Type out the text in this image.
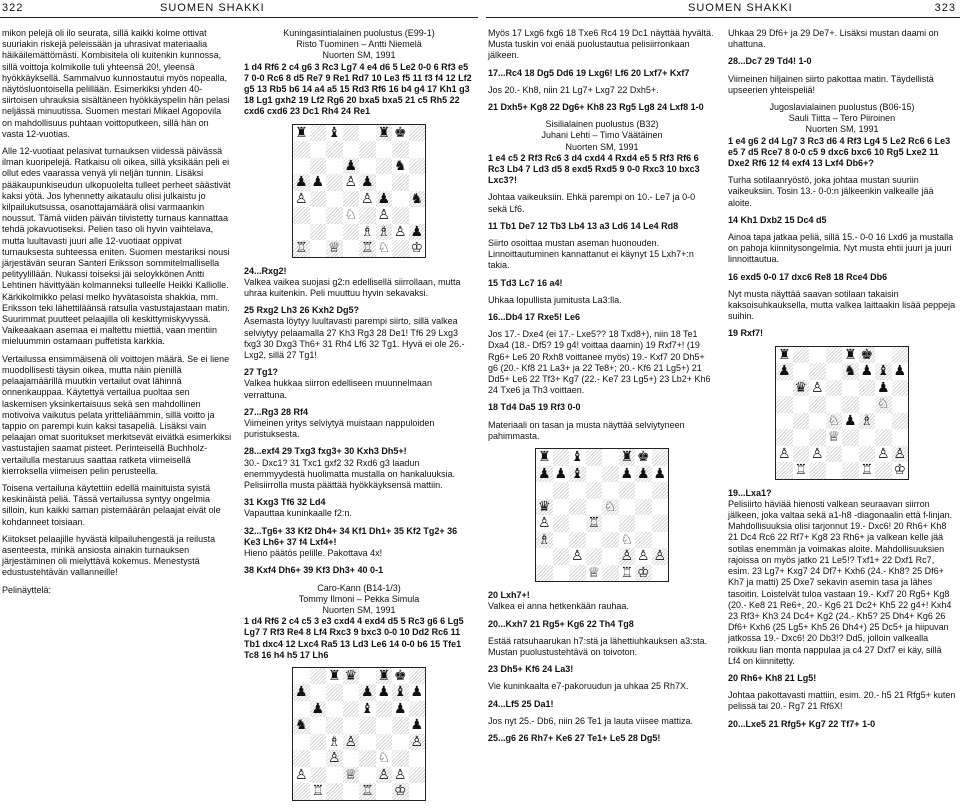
322	SUOMEN SHAKKI	SUOMEN SHAKKI	323

mikon pelejä oli ilo seurata, sillä kaikki kolme ottivat suuriakin riskejä peleissään ja uhrasivat materiaalia häikäilemättömästi. Kombisitela oli kuitenkin kunnossa, sillä voittoja kolmikolle tuli yhteensä 20!, yleensä hyökkäyksellä. Sammalvuo kunnostautui myös nopealla, näytösluontoisella pelillään. Esimerkiksi yhden 40-siirtoisen uhrauksia sisältäneen hyökkäyspelin hän pelasi neljässä minuutissa. Suomen mestari Mikael Agopovila on mahdollisuus puhtaan voittoputkeen, sillä hän on vasta 12-vuotias.

Alle 12-vuotiaat pelasivat turnauksen viidessä päivässä ilman kuoripelejä. Ratkaisu oli oikea, sillä yksikään peli ei ollut edes vaarassa venyä yli neljän tunnin. Lisäksi pääkaupunkiseudun ulkopuolelta tulleet perheet säästivät kaksi yötä. Jos lyhennetty aikataulu olisi julkaistu jo kilpailukutsussa, osanottajamäärä olisi varmaankin noussut. Tämä viiden päivän tiivistetty turnaus kannattaa tehdä jokavuotiseksi. Pelien taso oli hyvin vaihtelava, mutta luultavasti juuri alle 12-vuotiaat oppivat turnauksesta suhteessa eniten. Suomen mestariksi nousi järjestävän seuran Santeri Eriksson sommitelmallisella pelityylillään. Nukassi toiseksi jäi seloykkönen Antti Lehtinen hävittyään kolmanneksi tulleelle Heikki Kalliolle. Kärkikolmikko pelasi melko hyvätasoista shakkia, mm. Eriksson teki lähettiläänsä ratsulla vastustajastaan matin. Suurimmat puutteet pelaajilla oli keskittymiskyvyssä. Vaikeaakaan asemaa ei maltettu miettiä, vaan mentiin mieluummin ostamaan puffetista karkkia.

Vertailussa ensimmäisenä oli voittojen määrä. Se ei liene muodollisesti täysin oikea, mutta näin pienillä pelaajamäärillä muutkin vertailut ovat lähinnä onnenkauppaa. Käytettyä vertailua puoltaa sen laskemisen yksinkertaisuus sekä sen mahdollinen motivoiva vaikutus pelata yritteliäämmin, sillä voitto ja tappio on parempi kuin kaksi tasapeliä. Lisäksi vain pelaajan omat suoritukset merkitsevät eivätkä esimerkiksi vastustajien saamat pisteet. Perinteisellä Buchholz-vertailulla mestaruus saattaa ratketa viimeisellä kierroksella viimeisen pelin perusteella.

Toisena vertailuna käytettiin edellä mainituista syistä keskinäistä peliä. Tässä vertailussa syntyy ongelmia silloin, kun kaikki saman pistemäärän pelaajat eivät ole kohdanneet toisiaan.

Kiitokset pelaajille hyvästä kilpailuhengestä ja reilusta asenteesta, minkä ansiosta ainakin turnauksen järjestäminen oli mielyttävä kokemus. Menestystä edustustehtävän vallanneille!

Pelinäyttelä:

Kuningasintialainen puolustus (E99-1)
Risto Tuominen – Antti Niemelä
Nuorten SM, 1991

1 d4 Rf6 2 c4 g6 3 Rc3 Lg7 4 e4 d6 5 Le2 0-0 6 Rf3 e5 7 0-0 Rc6 8 d5 Re7 9 Re1 Rd7 10 Le3 f5 11 f3 f4 12 Lf2 g5 13 Rb5 b6 14 a4 a5 15 Rd3 Rf6 16 b4 g4 17 Kh1 g3 18 Lg1 gxh2 19 Lf2 Rg6 20 bxa5 bxa5 21 c5 Rh5 22 cxd6 cxd6 23 Dc1 Rh4 24 Re1

♜ ♝	♜ ♚
♟	♞
♟ ♟ ♙ ♟
♙	♙ ♟ ♞
♘ ♙
♗ ♗ ♙ ♟
♖ ♕ ♖ ♘ ♔
24...Rxg2!

Valkea vaikea suojasi g2:n edellisellä siirrollaan, mutta uhraa kuitenkin. Peli muuttuu hyvin sekavaksi.

25 Rxg2 Lh3 26 Kxh2 Dg5?

Asemasta löytyy luultavasti parempi siirto, sillä valkea selviytyy pelaamalla 27 Kh3 Rg3 28 De1! Tf6 29 Lxg3 fxg3 30 Dxg3 Th6+ 31 Rh4 Lf6 32 Tg1. Hyvä ei ole 26.- Lxg2, sillä 27 Tg1!

27 Tg1?

Valkea hukkaa siirron edelliseen muunnelmaan verrattuna.

27...Rg3 28 Rf4

Viimeinen yritys selviytyä muistaan nappuloiden puristuksesta.

28...exf4 29 Txg3 fxg3+ 30 Kxh3 Dh5+!

30.- Dxc1? 31 Txc1 gxf2 32 Rxd6 g3 laadun enemmyydestä huolimatta mustalla on hankaluuksia. Pelisiirrolla musta päättää hyökkäyksensä mattiin.

31 Kxg3 Tf6 32 Ld4

Vapauttaa kuninkaalle f2:n.

32...Tg6+ 33 Kf2 Dh4+ 34 Kf1 Dh1+ 35 Kf2 Tg2+ 36 Ke3 Lh6+ 37 f4 Lxf4+!

Hieno päätös pelille. Pakottava 4x!

38 Kxf4 Dh6+ 39 Kf3 Dh3+ 40 0-1

Caro-Kann (B14-1/3)
Tommy Ilmoni – Pekka Simula
Nuorten SM, 1991

1 d4 Rf6 2 c4 c5 3 e3 cxd4 4 exd4 d5 5 Rc3 g6 6 Lg5 Lg7 7 Rf3 Re4 8 Lf4 Rxc3 9 bxc3 0-0 10 Dd2 Rc6 11 Tb1 dxc4 12 Lxc4 Ra5 13 Ld3 Le6 14 0-0 b6 15 Tfe1 Tc8 16 h4 h5 17 Lh6

♜ ♛ ♜ ♚
♟	♟ ♟ ♝ ♟
♟	♝ ♟
♞	♟
♗ ♙	♙
♙	♘
♙	♕ ♙ ♙
♖	♖ ♔

Myös 17 Lxg6 fxg6 18 Txe6 Rc4 19 Dc1 näyttää hyvältä. Musta tuskin voi enää puolustautua pelisiirronkaan jälkeen.

17...Rc4 18 Dg5 Dd6 19 Lxg6! Lf6 20 Lxf7+ Kxf7

Jos 20.- Kh8, niin 21 Lg7+ Lxg7 22 Dxh5+.

21 Dxh5+ Kg8 22 Dg6+ Kh8 23 Rg5 Lg8 24 Lxf8 1-0

Sisilialainen puolustus (B32)
Juhani Lehti – Timo Väätäinen
Nuorten SM, 1991

1 e4 c5 2 Rf3 Rc6 3 d4 cxd4 4 Rxd4 e5 5 Rf3 Rf6 6 Rc3 Lb4 7 Ld3 d5 8 exd5 Rxd5 9 0-0 Rxc3 10 bxc3 Lxc3?!

Johtaa vaikeuksiin. Ehkä parempi on 10.- Le7 ja 0-0 sekä Lf6.

11 Tb1 De7 12 Tb3 Lb4 13 a3 Ld6 14 Le4 Rd8

Siirto osoittaa mustan aseman huonouden. Linnoittautuminen kannattanut ei käynyt 15 Lxh7+:n takia.

15 Td3 Lc7 16 a4!

Uhkaa lopullista jumitusta La3:lla.

16...Db4 17 Rxe5! Le6

Jos 17.- Dxe4 (ei 17.- Lxe5?? 18 Txd8+), niin 18 Te1 Dxa4 (18.- Df5? 19 g4! voittaa daamin) 19 Rxf7+! (19 Rg6+ Le6 20 Rxh8 voittanee myös) 19.- Kxf7 20 Dh5+ g6 (20.- Kf8 21 La3+ ja 22 Te8+; 20.- Kf6 21 Lg5+) 21 Dd5+ Le6 22 Tf3+ Kg7 (22.- Ke7 23 Lg5+) 23 Lb2+ Kh6 24 Txe6 ja Th3 voittaen.

18 Td4 Da5 19 Rf3 0-0

Materiaali on tasan ja musta näyttää selviytyneen pahimmasta.

♜ ♝	♜ ♚
♟ ♟ ♝	♟ ♟ ♟
♛	♘
♙	♖
♗	♘
♙	♙ ♙ ♙
♕ ♖ ♔
20 Lxh7+!

Valkea ei anna hetkenkään rauhaa.

20...Kxh7 21 Rg5+ Kg6 22 Th4 Tg8

Estää ratsuhaarukan h7:stä ja lähettiuhkauksen a3:sta. Mustan puolustustehtävä on toivoton.

23 Dh5+ Kf6 24 La3!

Vie kuninkaalta e7-pakoruudun ja uhkaa 25 Rh7X.

24...Lf5 25 Da1!

Jos nyt 25.- Db6, niin 26 Te1 ja lauta viisee mattiza.

25...g6 26 Rh7+ Ke6 27 Te1+ Le5 28 Dg5!

Uhkaa 29 Df6+ ja 29 De7+. Lisäksi mustan daami on uhattuna.

28...Dc7 29 Td4! 1-0

Viimeinen hiljainen siirto pakottaa matin. Täydellistä upseerien yhteispeliä!

Jugoslavialainen puolustus (B06-15)
Sauli Tiitta – Tero Piiroinen
Nuorten SM, 1991

1 e4 g6 2 d4 Lg7 3 Rc3 d6 4 Rf3 Lg4 5 Le2 Rc6 6 Le3 e5 7 d5 Rce7 8 0-0 c5 9 dxc6 bxc6 10 Rg5 Lxe2 11 Dxe2 Rf6 12 f4 exf4 13 Lxf4 Db6+?

Turha sotilaanryöstö, joka johtaa mustan suuriin vaikeuksiin. Tosin 13.- 0-0:n jälkeenkin valkealle jää aloite.

14 Kh1 Dxb2 15 Dc4 d5

Ainoa tapa jatkaa peliä, sillä 15.- 0-0 16 Lxd6 ja mustalla on pahoja kiinnitysongelmia. Nyt musta ehtii juuri ja juuri linnoittautua.

16 exd5 0-0 17 dxc6 Re8 18 Rce4 Db6

Nyt musta näyttää saavan sotilaan takaisin kaksoisuhkauksella, mutta valkea laittaakin lisää peppeja suihin.

19 Rxf7!

♜	♜ ♚
♟	♞ ♟ ♝ ♟
♛ ♙	♟
♘
♘ ♟ ♗
♕
♙ ♙	♙ ♙
♖	♖ ♔
19...Lxa1?

Pelisiirto häviää hienosti valkean seuraavan siirron jälkeen, joka valtaa sekä a1-h8 -diagonaalin että f-linjan. Mahdollisuuksia olisi tarjonnut 19.- Dxc6! 20 Rh6+ Kh8 21 Dc4 Rc6 22 Rf7+ Kg8 23 Rh6+ ja valkean kelle jää sotilas enemmän ja voimakas aloite. Mahdollisuuksien rajoissa on myös jatko 21 Le5!? Txf1+ 22 Dxf1 Rc7, esim. 23 Lg7+ Kxg7 24 Df7+ Kxh6 (24.- Kh8? 25 Df6+ Kh7 ja matti) 25 Dxe7 sekavin asemin tasa ja lähes tasoitin. Loistelvät tuloa vastaan 19.- Kxf7 20 Rg5+ Kg8 (20.- Ke8 21 Re6+, 20.- Kg6 21 Dc2+ Kh5 22 g4+! Kxh4 23 Rf3+ Kh3 24 Dc4+ Kg2 (24.- Kh5? 25 Dh4+ Kg6 26 Df6+ Kxh6 (25 Lg5+ Kh5 26 Dh4+) 25 Dc5+ ja hiipuvan jatkossa 19.- Dxc6! 20 Db3!? Dd5, jolloin valkealla roikkuu lian monta nappulaa ja c4 27 Dxf7 ei käy, sillä Lf4 on kiinnitetty.

20 Rh6+ Kh8 21 Lg5!

Johtaa pakottavasti mattiin, esim. 20.- h5 21 Rfg5+ kuten pelissä tai 20.- Rg7 21 Rf6X!

20...Lxe5 21 Rfg5+ Kg7 22 Tf7+ 1-0
